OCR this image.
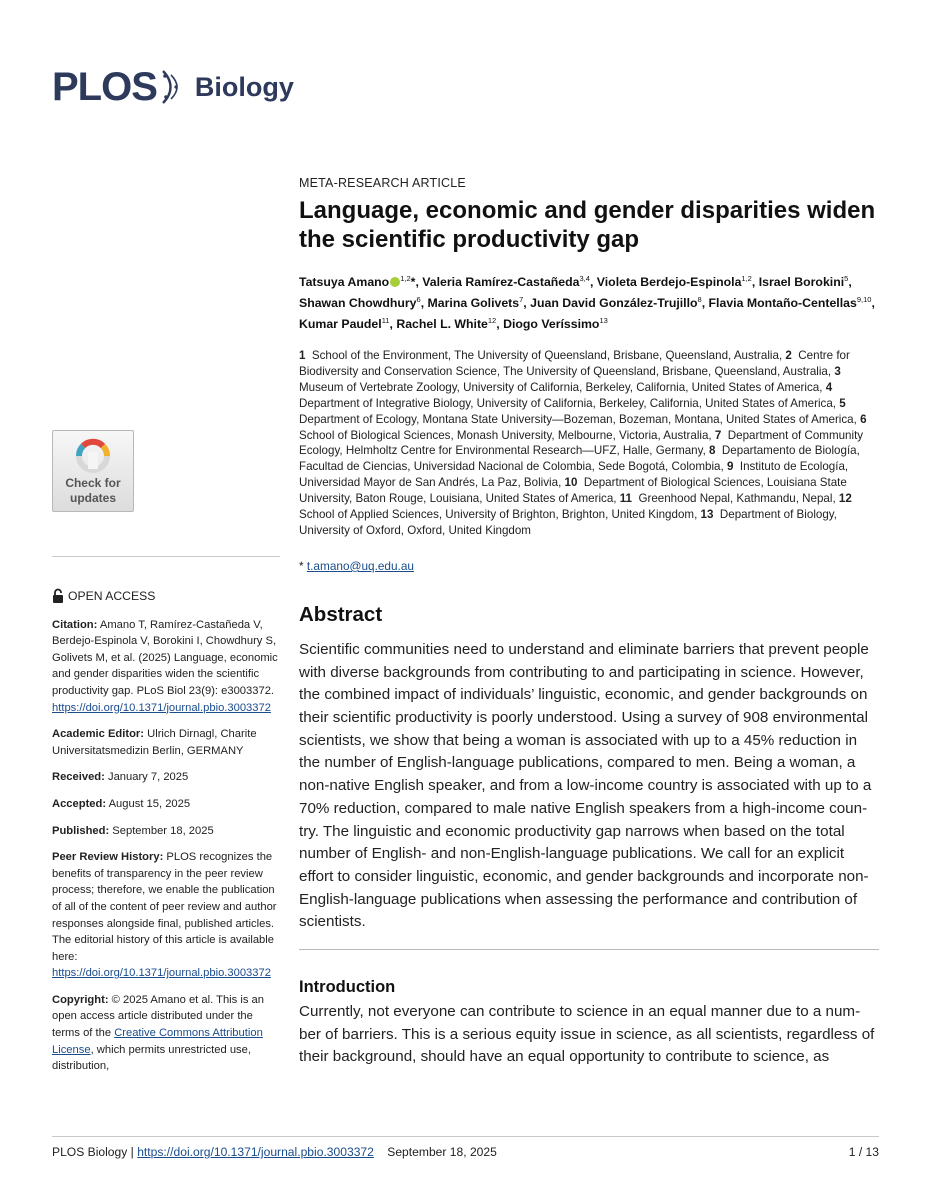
PLOS Biology
Check for
updates
OPEN ACCESS
Citation: Amano T, Ramírez-Castañeda V, Berdejo-Espinola V, Borokini I, Chowdhury S, Golivets M, et al. (2025) Language, economic and gender disparities widen the scientific productivity gap. PLoS Biol 23(9): e3003372. https://doi.org/10.1371/journal.pbio.3003372
Academic Editor: Ulrich Dirnagl, Charite Universitatsmedizin Berlin, GERMANY
Received: January 7, 2025
Accepted: August 15, 2025
Published: September 18, 2025
Peer Review History: PLOS recognizes the benefits of transparency in the peer review process; therefore, we enable the publication of all of the content of peer review and author responses alongside final, published articles. The editorial history of this article is available here: https://doi.org/10.1371/journal.pbio.3003372
Copyright: © 2025 Amano et al. This is an open access article distributed under the terms of the Creative Commons Attribution License, which permits unrestricted use, distribution,
META-RESEARCH ARTICLE
Language, economic and gender disparities widen the scientific productivity gap
Tatsuya Amano $^{1,2}$*, Valeria Ramírez-Castañeda$^{3,4}$, Violeta Berdejo-Espinola$^{1,2}$, Israel Borokini$^5$, Shawan Chowdhury$^6$, Marina Golivets$^7$, Juan David González-Trujillo$^8$, Flavia Montaño-Centellas$^{9,10}$, Kumar Paudel$^{11}$, Rachel L. White$^{12}$, Diogo Veríssimo$^{13}$
1 School of the Environment, The University of Queensland, Brisbane, Queensland, Australia, 2 Centre for Biodiversity and Conservation Science, The University of Queensland, Brisbane, Queensland, Australia, 3  Museum of Vertebrate Zoology, University of California, Berkeley, California, United States of America, 4  Department of Integrative Biology, University of California, Berkeley, California, United States of America, 5  Department of Ecology, Montana State University—Bozeman, Bozeman, Montana, United States of America, 6  School of Biological Sciences, Monash University, Melbourne, Victoria, Australia, 7 Department of Community Ecology, Helmholtz Centre for Environmental Research—UFZ, Halle, Germany, 8 Departamento de Biología, Facultad de Ciencias, Universidad Nacional de Colombia, Sede Bogotá, Colombia, 9 Instituto de Ecología, Universidad Mayor de San Andrés, La Paz, Bolivia, 10 Department of Biological Sciences, Louisiana State University, Baton Rouge, Louisiana, United States of America, 11 Greenhood Nepal, Kathmandu, Nepal, 12  School of Applied Sciences, University of Brighton, Brighton, United Kingdom, 13 Department of Biology, University of Oxford, Oxford, United Kingdom
* t.amano@uq.edu.au
Abstract
Scientific communities need to understand and eliminate barriers that prevent people with diverse backgrounds from contributing to and participating in science. However, the combined impact of individuals’ linguistic, economic, and gender backgrounds on their scientific productivity is poorly understood. Using a survey of 908 environmental scientists, we show that being a woman is associated with up to a 45% reduction in the number of English-language publications, compared to men. Being a woman, a non-native English speaker, and from a low-income country is associated with up to a 70% reduction, compared to male native English speakers from a high-income coun-try. The linguistic and economic productivity gap narrows when based on the total number of English- and non-English-language publications. We call for an explicit effort to consider linguistic, economic, and gender backgrounds and incorporate non-English-language publications when assessing the performance and contribution of scientists.
Introduction
Currently, not everyone can contribute to science in an equal manner due to a num-ber of barriers. This is a serious equity issue in science, as all scientists, regardless of their background, should have an equal opportunity to contribute to science, as
PLOS Biology | https://doi.org/10.1371/journal.pbio.3003372 September 18, 2025	1 / 13
